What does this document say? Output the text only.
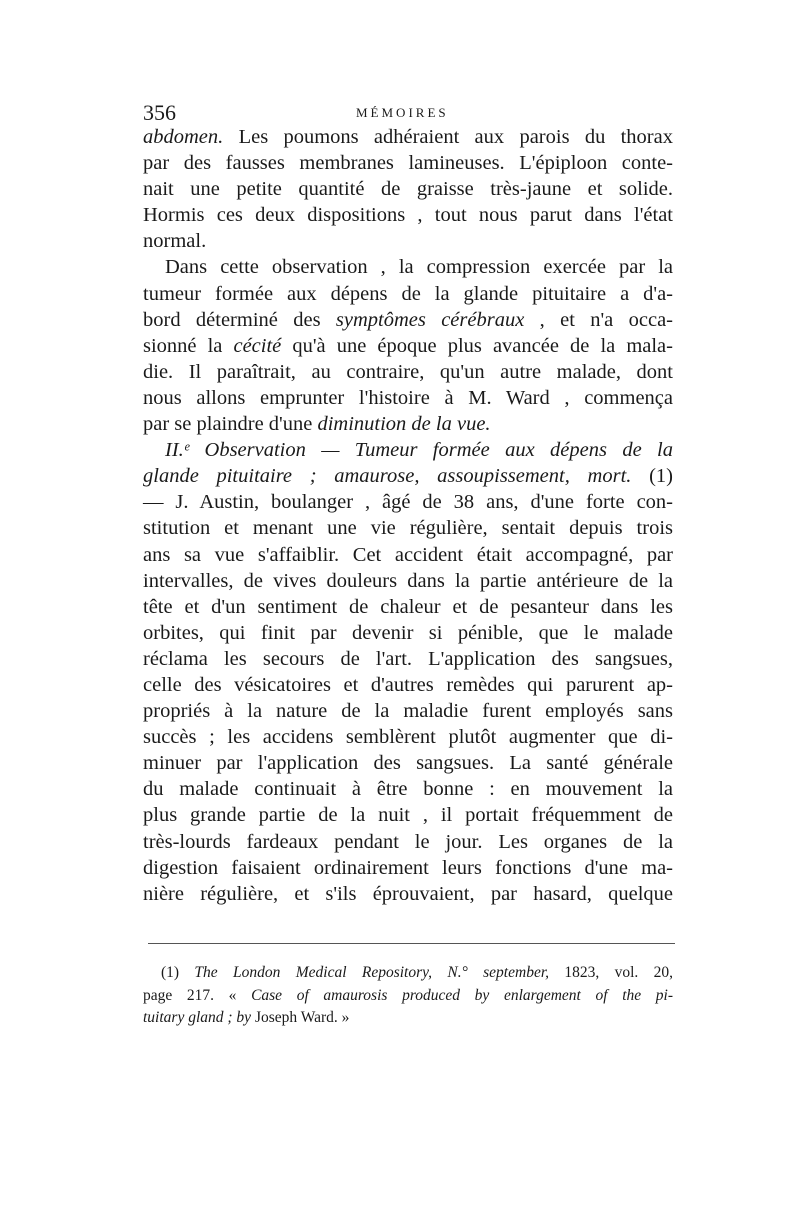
356	MÉMOIRES
abdomen. Les poumons adhéraient aux parois du thorax
par des fausses membranes lamineuses. L'épiploon conte-
nait une petite quantité de graisse très-jaune et solide.
Hormis ces deux dispositions , tout nous parut dans l'état
normal.
Dans cette observation , la compression exercée par la
tumeur formée aux dépens de la glande pituitaire a d'a-
bord déterminé des symptômes cérébraux , et n'a occa-
sionné la cécité qu'à une époque plus avancée de la mala-
die. Il paraîtrait, au contraire, qu'un autre malade, dont
nous allons emprunter l'histoire à M. Ward , commença
par se plaindre d'une diminution de la vue.
II.ᵉ Observation — Tumeur formée aux dépens de la
glande pituitaire ; amaurose, assoupissement, mort. (1)
— J. Austin, boulanger , âgé de 38 ans, d'une forte con-
stitution et menant une vie régulière, sentait depuis trois
ans sa vue s'affaiblir. Cet accident était accompagné, par
intervalles, de vives douleurs dans la partie antérieure de la
tête et d'un sentiment de chaleur et de pesanteur dans les
orbites, qui finit par devenir si pénible, que le malade
réclama les secours de l'art. L'application des sangsues,
celle des vésicatoires et d'autres remèdes qui parurent ap-
propriés à la nature de la maladie furent employés sans
succès ; les accidens semblèrent plutôt augmenter que di-
minuer par l'application des sangsues. La santé générale
du malade continuait à être bonne : en mouvement la
plus grande partie de la nuit , il portait fréquemment de
très-lourds fardeaux pendant le jour. Les organes de la
digestion faisaient ordinairement leurs fonctions d'une ma-
nière régulière, et s'ils éprouvaient, par hasard, quelque
(1) The London Medical Repository, N.° september, 1823, vol. 20,
page 217. « Case of amaurosis produced by enlargement of the pi-
tuitary gland ; by Joseph Ward. »
